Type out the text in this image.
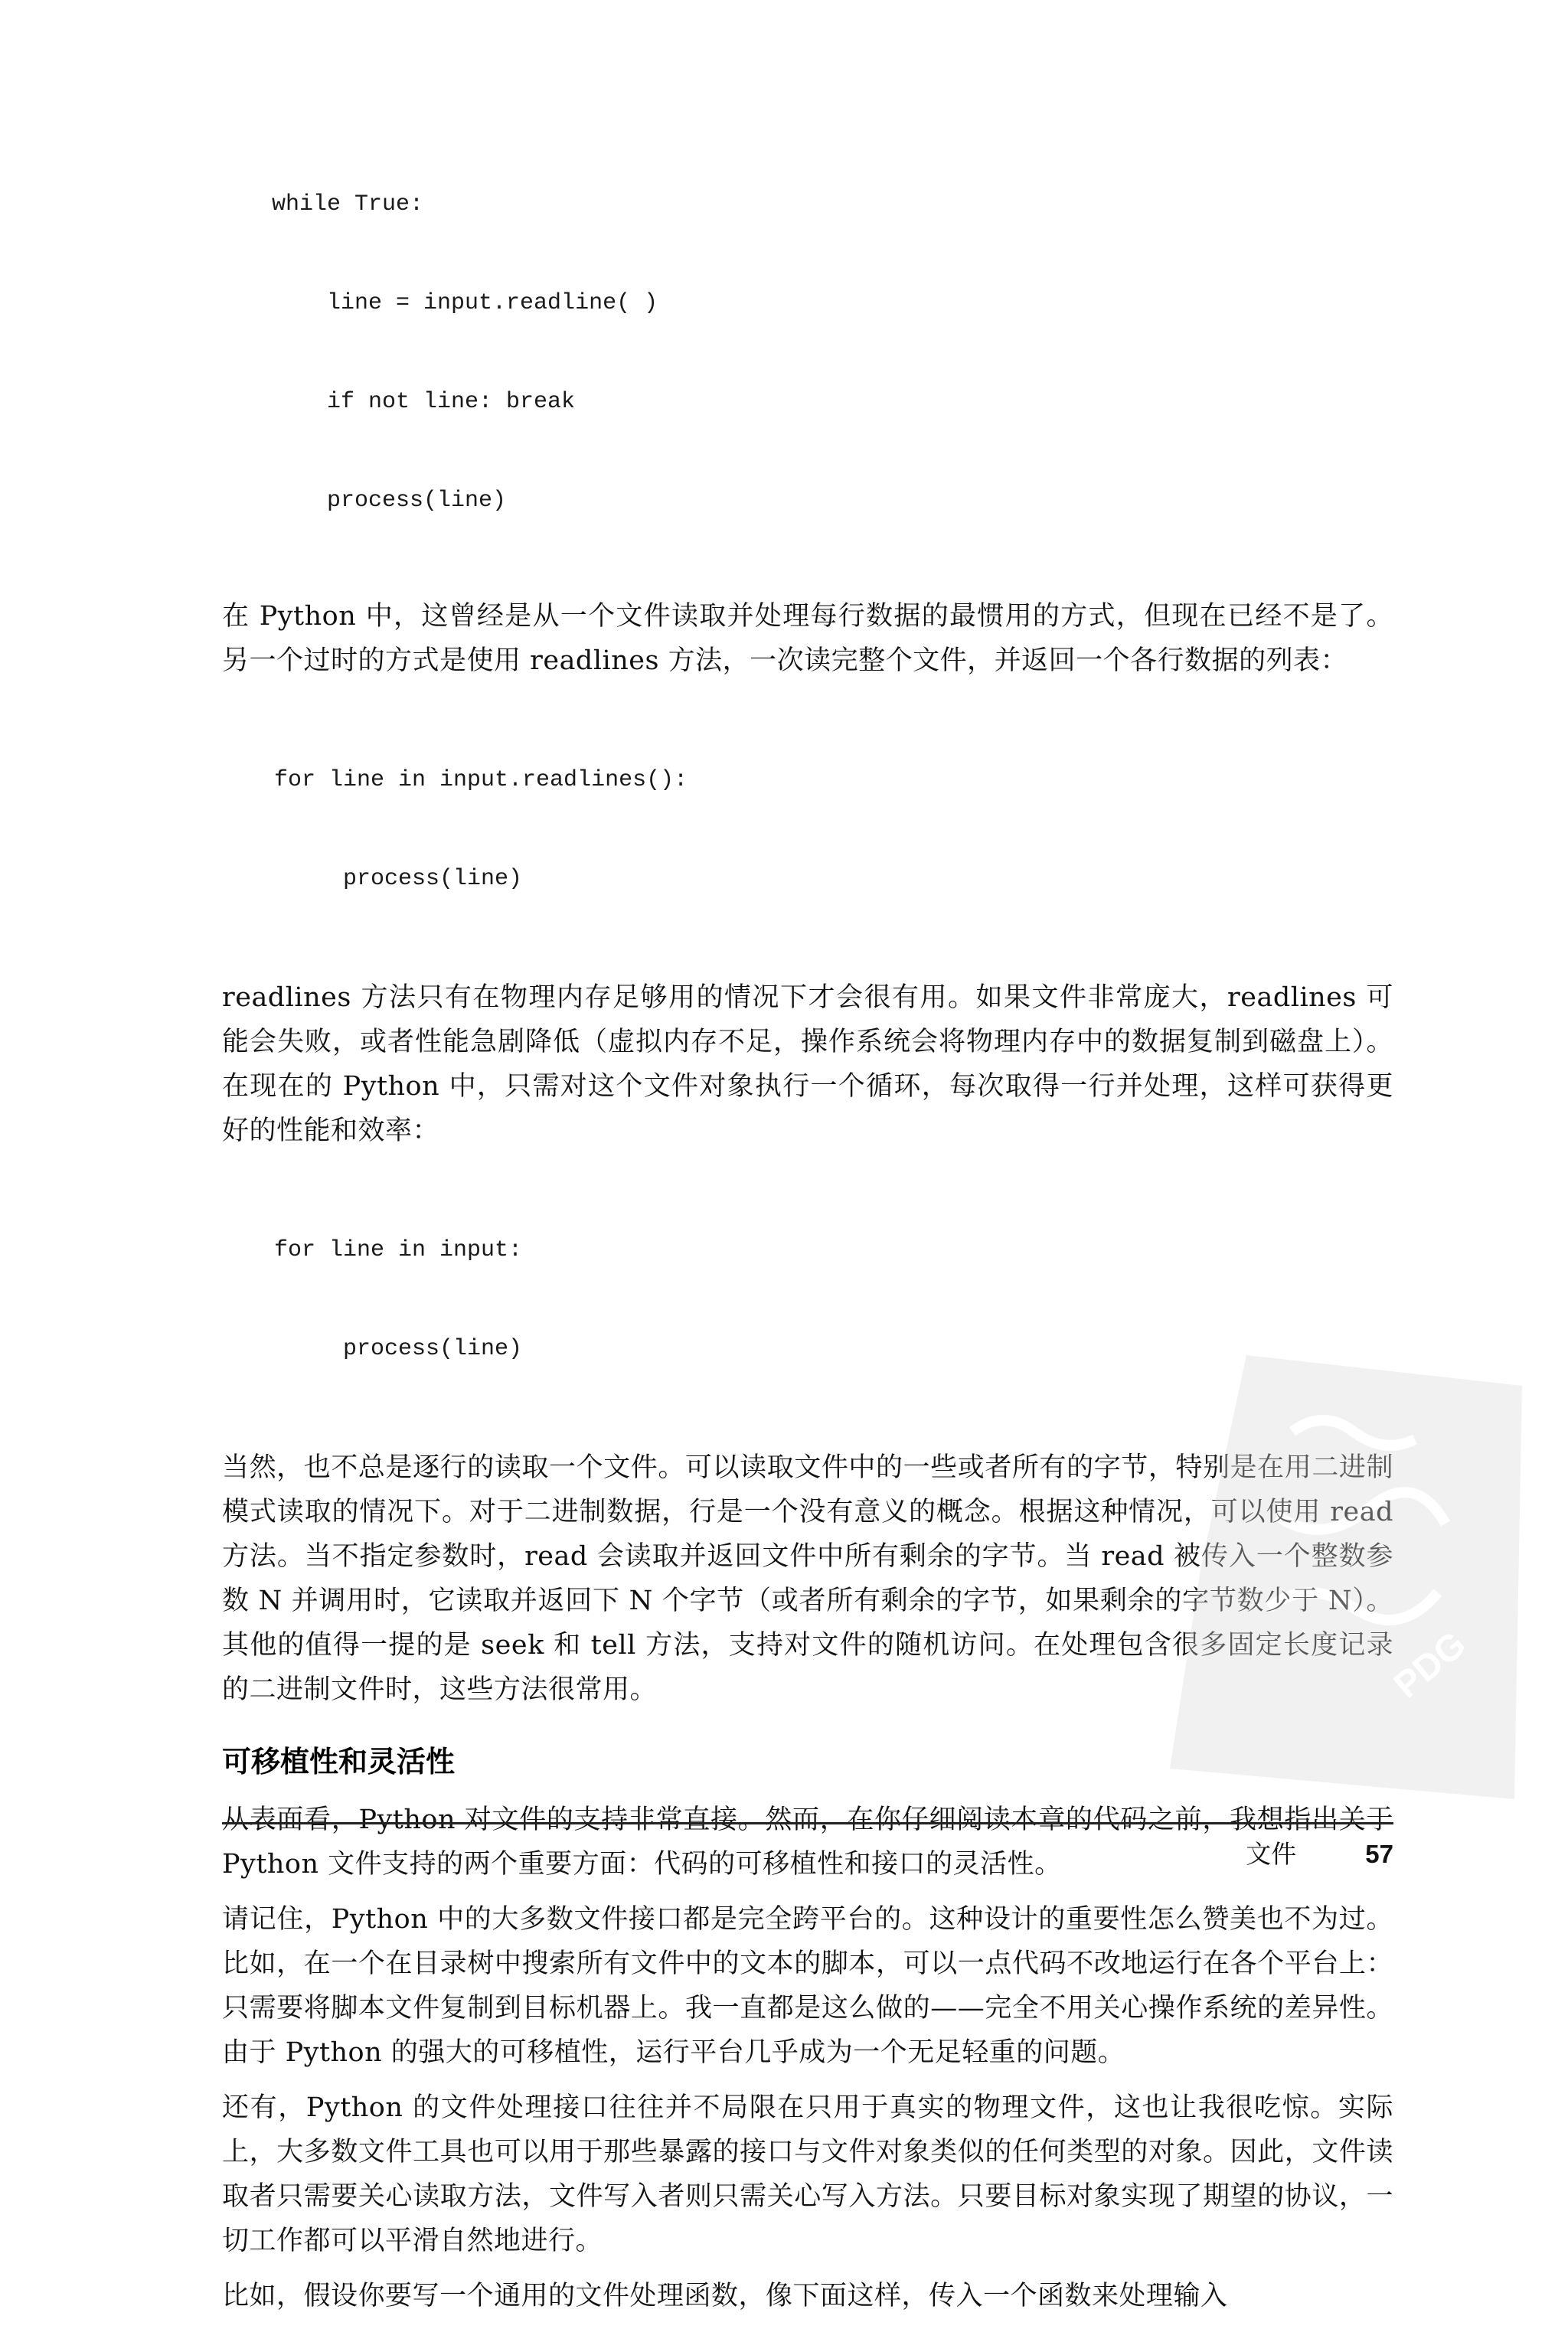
while True:

line = input.readline( )

if not line: break

process(line)

在 Python 中，这曾经是从一个文件读取并处理每行数据的最惯用的方式，但现在已经不是了。另一个过时的方式是使用 readlines 方法，一次读完整个文件，并返回一个各行数据的列表：

for line in input.readlines():

process(line)

readlines 方法只有在物理内存足够用的情况下才会很有用。如果文件非常庞大，readlines 可能会失败，或者性能急剧降低（虚拟内存不足，操作系统会将物理内存中的数据复制到磁盘上）。在现在的 Python 中，只需对这个文件对象执行一个循环，每次取得一行并处理，这样可获得更好的性能和效率：

for line in input:

process(line)

当然，也不总是逐行的读取一个文件。可以读取文件中的一些或者所有的字节，特别是在用二进制模式读取的情况下。对于二进制数据，行是一个没有意义的概念。根据这种情况，可以使用 read 方法。当不指定参数时，read 会读取并返回文件中所有剩余的字节。当 read 被传入一个整数参数 N 并调用时，它读取并返回下 N 个字节（或者所有剩余的字节，如果剩余的字节数少于 N）。其他的值得一提的是 seek 和 tell 方法，支持对文件的随机访问。在处理包含很多固定长度记录的二进制文件时，这些方法很常用。

可移植性和灵活性

从表面看，Python 对文件的支持非常直接。然而，在你仔细阅读本章的代码之前，我想指出关于 Python 文件支持的两个重要方面：代码的可移植性和接口的灵活性。

请记住，Python 中的大多数文件接口都是完全跨平台的。这种设计的重要性怎么赞美也不为过。比如，在一个在目录树中搜索所有文件中的文本的脚本，可以一点代码不改地运行在各个平台上：只需要将脚本文件复制到目标机器上。我一直都是这么做的——完全不用关心操作系统的差异性。由于 Python 的强大的可移植性，运行平台几乎成为一个无足轻重的问题。

还有，Python 的文件处理接口往往并不局限在只用于真实的物理文件，这也让我很吃惊。实际上，大多数文件工具也可以用于那些暴露的接口与文件对象类似的任何类型的对象。因此，文件读取者只需要关心读取方法，文件写入者则只需关心写入方法。只要目标对象实现了期望的协议，一切工作都可以平滑自然地进行。

比如，假设你要写一个通用的文件处理函数，像下面这样，传入一个函数来处理输入

文件	57
PDG
